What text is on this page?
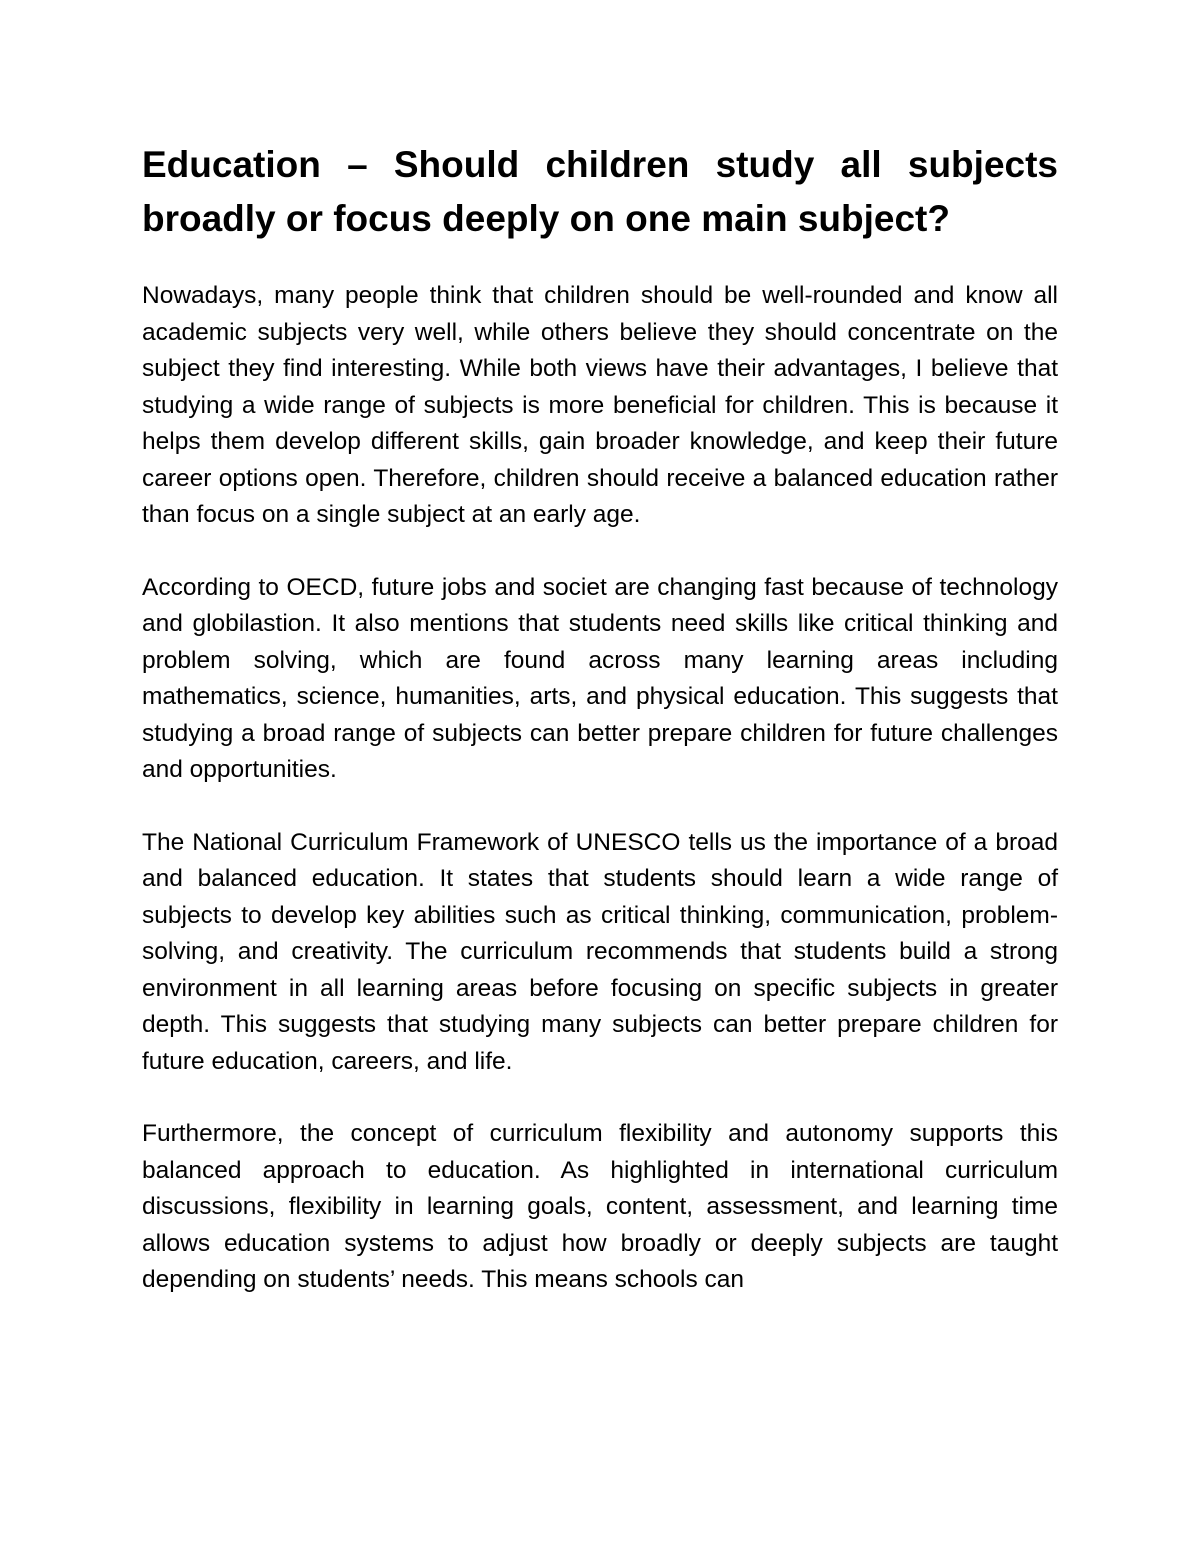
Education – Should children study all subjects broadly or focus deeply on one main subject?

Nowadays, many people think that children should be well-rounded and know all academic subjects very well, while others believe they should concentrate on the subject they find interesting. While both views have their advantages, I believe that studying a wide range of subjects is more beneficial for children. This is because it helps them develop different skills, gain broader knowledge, and keep their future career options open. Therefore, children should receive a balanced education rather than focus on a single subject at an early age.

According to OECD, future jobs and societ are changing fast because of technology and globilastion. It also mentions that students need skills like critical thinking and problem solving, which are found across many learning areas including mathematics, science, humanities, arts, and physical education. This suggests that studying a broad range of subjects can better prepare children for future challenges and opportunities.

The National Curriculum Framework of UNESCO tells us the importance of a broad and balanced education. It states that students should learn a wide range of subjects to develop key abilities such as critical thinking, communication, problem-solving, and creativity. The curriculum recommends that students build a strong environment in all learning areas before focusing on specific subjects in greater depth. This suggests that studying many subjects can better prepare children for future education, careers, and life.

Furthermore, the concept of curriculum flexibility and autonomy supports this balanced approach to education. As highlighted in international curriculum discussions, flexibility in learning goals, content, assessment, and learning time allows education systems to adjust how broadly or deeply subjects are taught depending on students’ needs. This means schools can
